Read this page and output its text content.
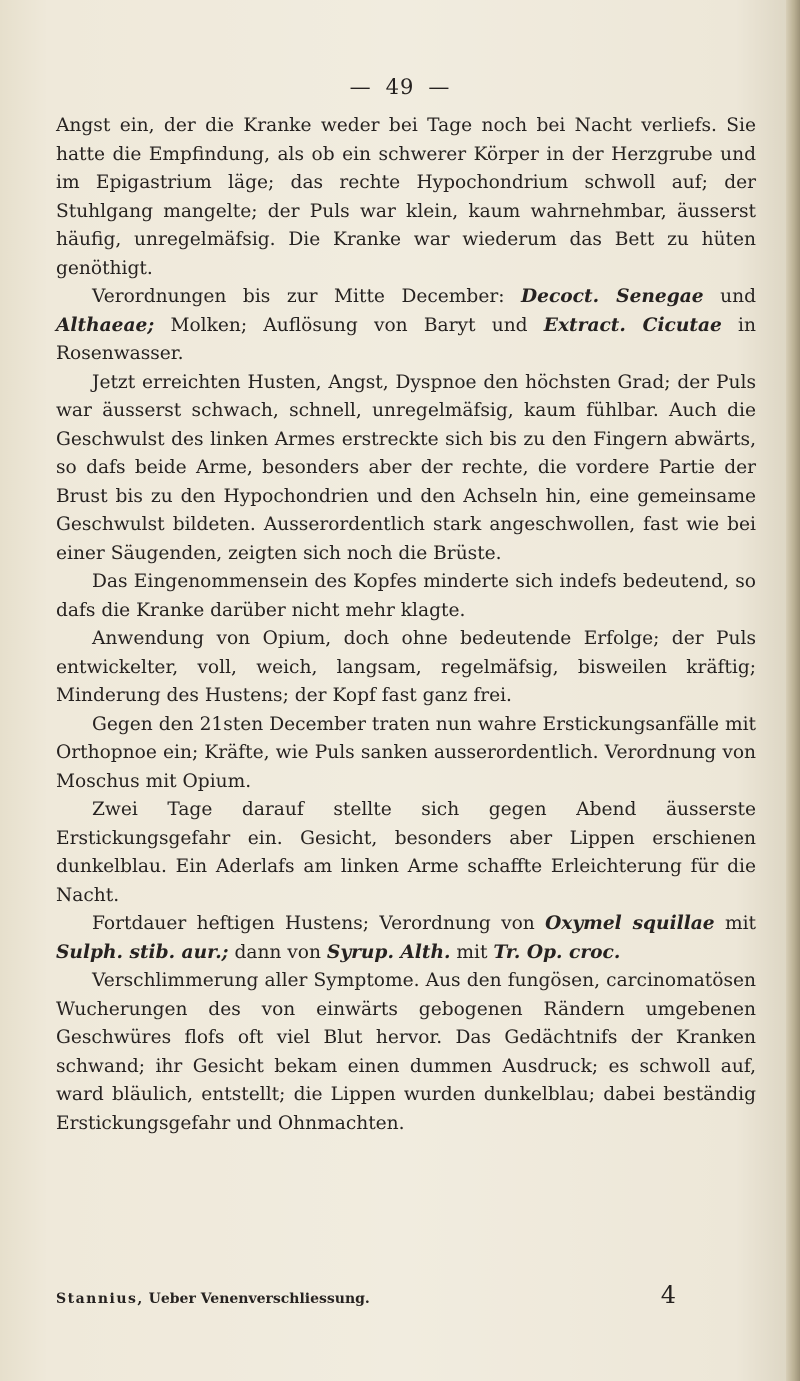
— 49 —

Angst ein, der die Kranke weder bei Tage noch bei Nacht verliefs. Sie hatte die Empfindung, als ob ein schwerer Körper in der Herzgrube und im Epigastrium läge; das rechte Hypochondrium schwoll auf; der Stuhlgang mangelte; der Puls war klein, kaum wahrnehmbar, äusserst häufig, unregelmäfsig. Die Kranke war wiederum das Bett zu hüten genöthigt.

Verordnungen bis zur Mitte December: Decoct. Senegae und Althaeae; Molken; Auflösung von Baryt und Extract. Cicutae in Rosenwasser.

Jetzt erreichten Husten, Angst, Dyspnoe den höchsten Grad; der Puls war äusserst schwach, schnell, unregelmäfsig, kaum fühlbar. Auch die Geschwulst des linken Armes erstreckte sich bis zu den Fingern abwärts, so dafs beide Arme, besonders aber der rechte, die vordere Partie der Brust bis zu den Hypochondrien und den Achseln hin, eine gemeinsame Geschwulst bildeten. Ausserordentlich stark angeschwollen, fast wie bei einer Säugenden, zeigten sich noch die Brüste.

Das Eingenommensein des Kopfes minderte sich indefs bedeutend, so dafs die Kranke darüber nicht mehr klagte.

Anwendung von Opium, doch ohne bedeutende Erfolge; der Puls entwickelter, voll, weich, langsam, regelmäfsig, bisweilen kräftig; Minderung des Hustens; der Kopf fast ganz frei.

Gegen den 21sten December traten nun wahre Erstickungsanfälle mit Orthopnoe ein; Kräfte, wie Puls sanken ausserordentlich. Verordnung von Moschus mit Opium.

Zwei Tage darauf stellte sich gegen Abend äusserste Erstickungsgefahr ein. Gesicht, besonders aber Lippen erschienen dunkelblau. Ein Aderlafs am linken Arme schaffte Erleichterung für die Nacht.

Fortdauer heftigen Hustens; Verordnung von Oxymel squillae mit Sulph. stib. aur.; dann von Syrup. Alth. mit Tr. Op. croc.

Verschlimmerung aller Symptome. Aus den fungösen, carcinomatösen Wucherungen des von einwärts gebogenen Rändern umgebenen Geschwüres flofs oft viel Blut hervor. Das Gedächtnifs der Kranken schwand; ihr Gesicht bekam einen dummen Ausdruck; es schwoll auf, ward bläulich, entstellt; die Lippen wurden dunkelblau; dabei beständig Erstickungsgefahr und Ohnmachten.

Stannius, Ueber Venenverschliessung.	4
